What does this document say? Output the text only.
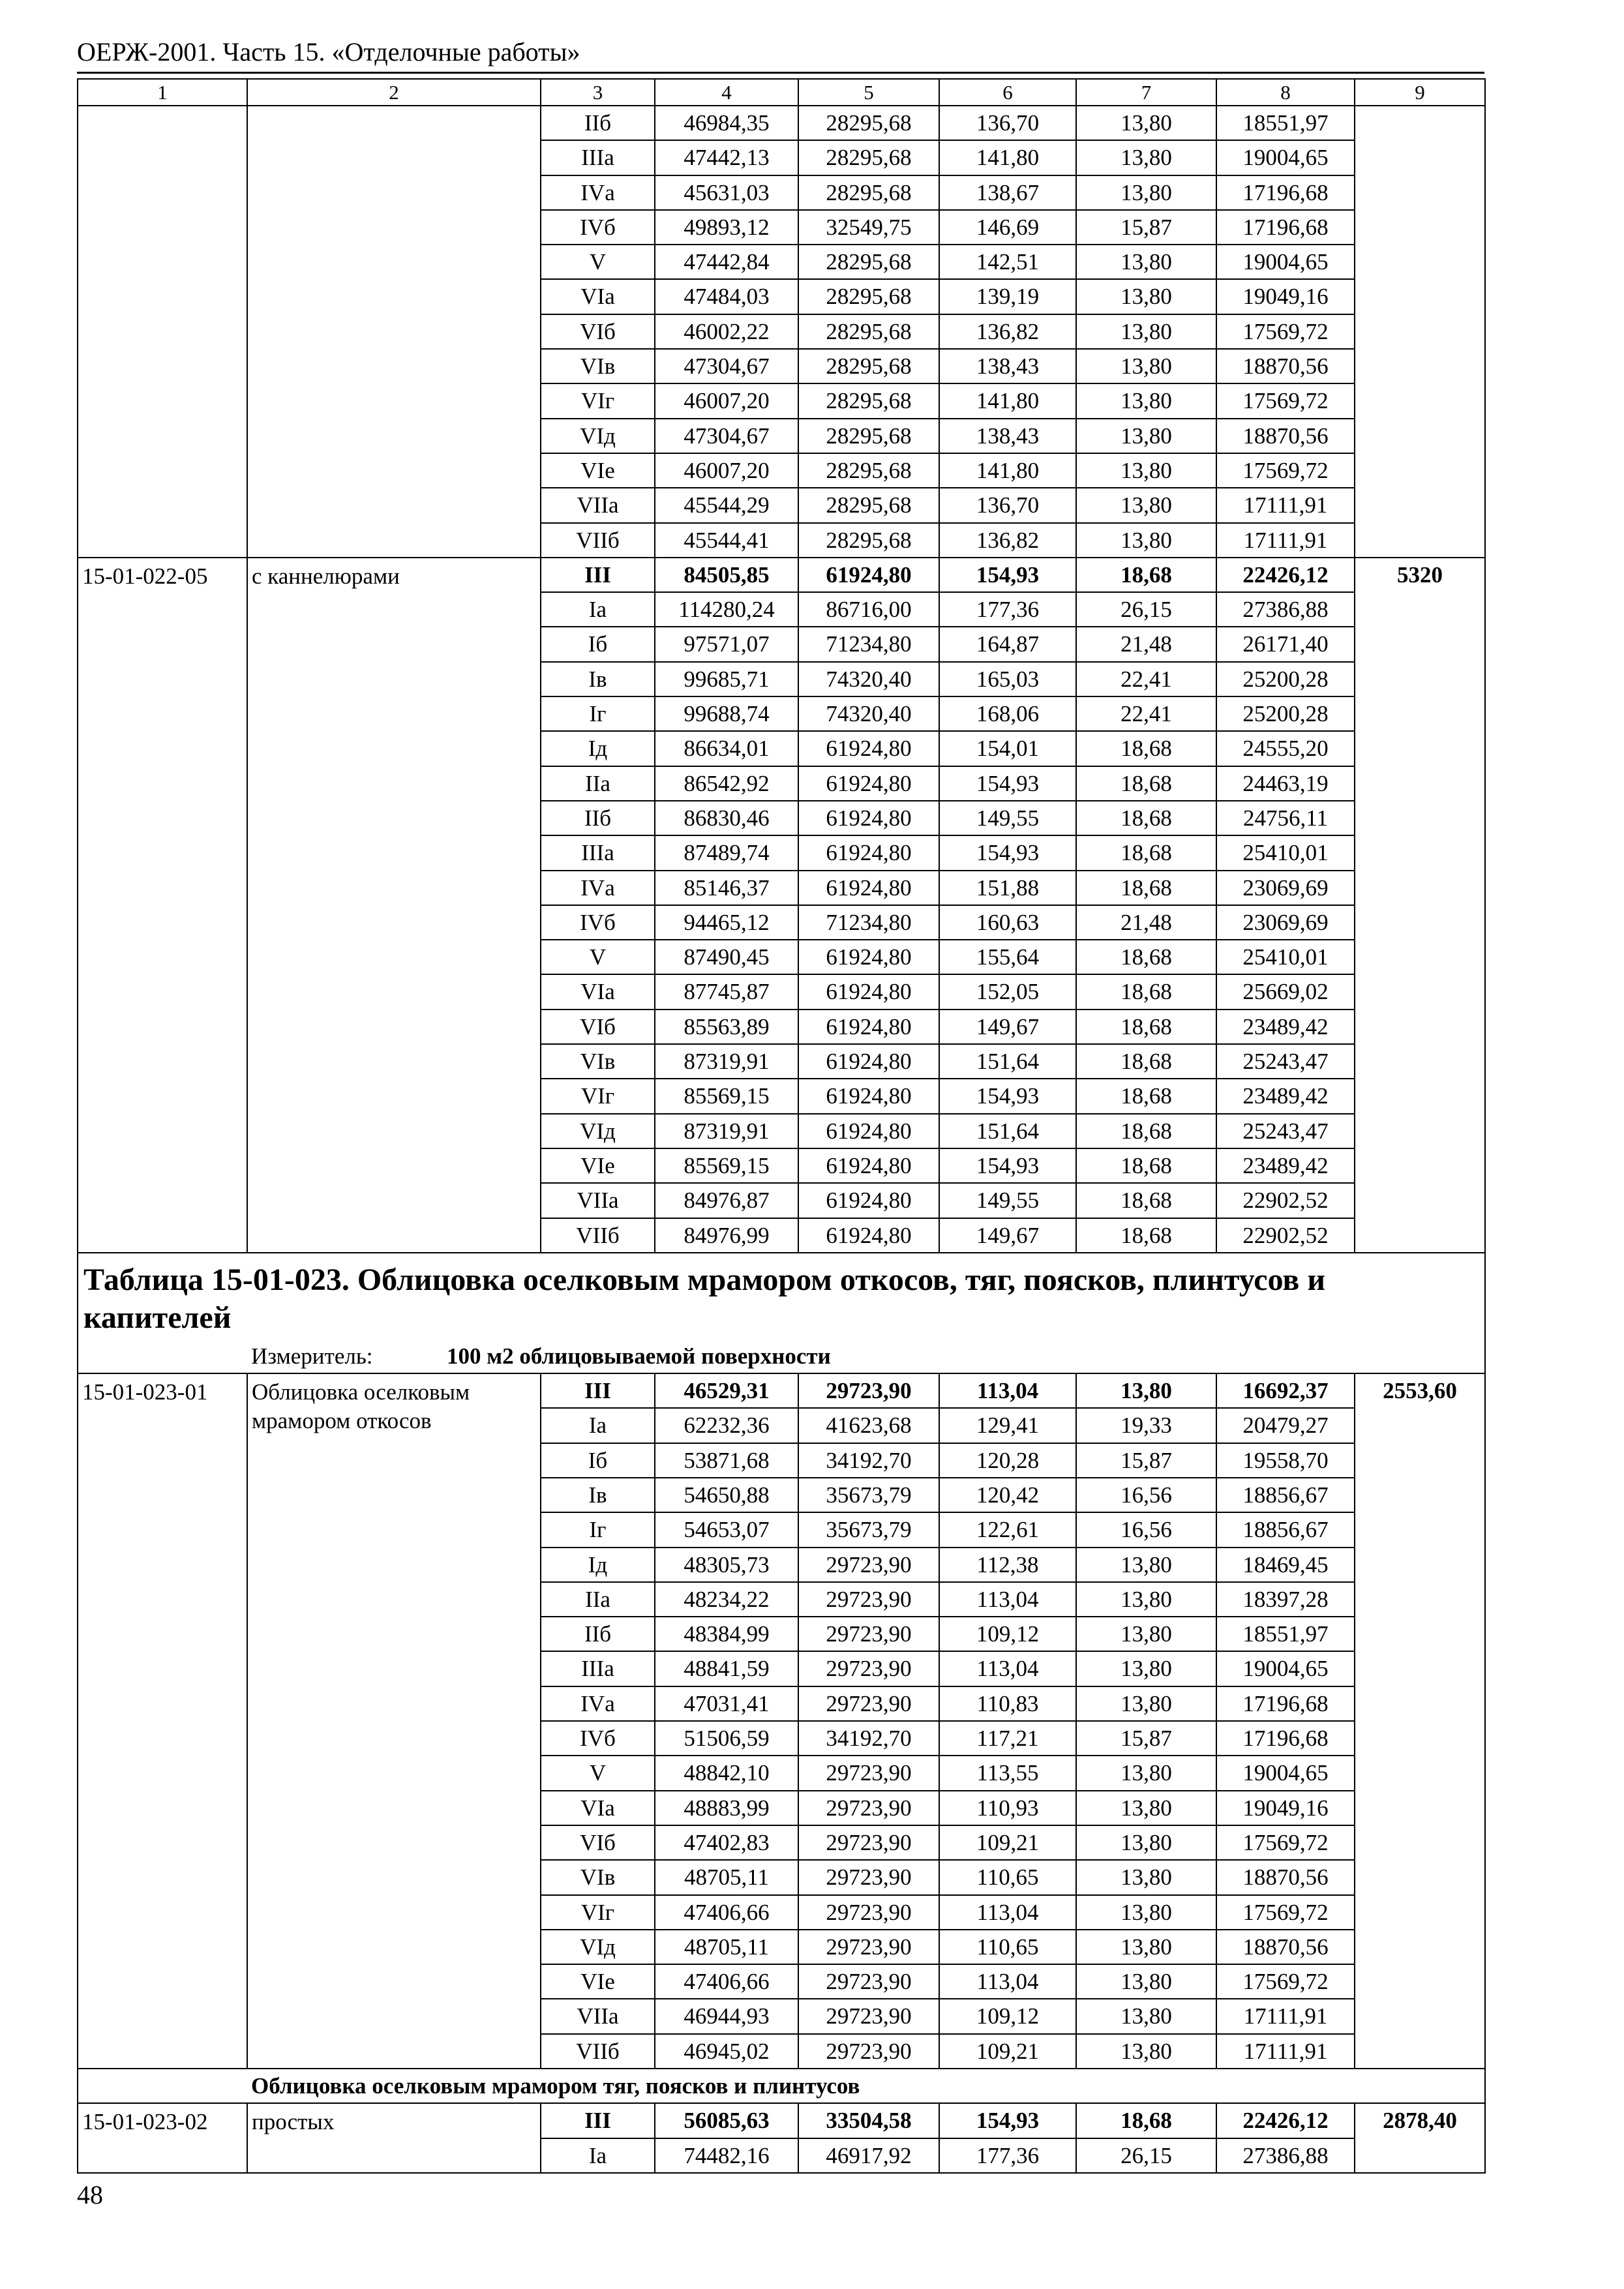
ОЕРЖ-2001. Часть 15. «Отделочные работы»
1	2	3	4	5	6	7	8	9
		IIб	46984,35	28295,68	136,70	13,80	18551,97	
		IIIа	47442,13	28295,68	141,80	13,80	19004,65	
		IVа	45631,03	28295,68	138,67	13,80	17196,68	
		IVб	49893,12	32549,75	146,69	15,87	17196,68	
		V	47442,84	28295,68	142,51	13,80	19004,65	
		VIа	47484,03	28295,68	139,19	13,80	19049,16	
		VIб	46002,22	28295,68	136,82	13,80	17569,72	
		VIв	47304,67	28295,68	138,43	13,80	18870,56	
		VIг	46007,20	28295,68	141,80	13,80	17569,72	
		VIд	47304,67	28295,68	138,43	13,80	18870,56	
		VIе	46007,20	28295,68	141,80	13,80	17569,72	
		VIIа	45544,29	28295,68	136,70	13,80	17111,91	
		VIIб	45544,41	28295,68	136,82	13,80	17111,91	
15-01-022-05	с каннелюрами	III	84505,85	61924,80	154,93	18,68	22426,12	5320
		Iа	114280,24	86716,00	177,36	26,15	27386,88	
		Iб	97571,07	71234,80	164,87	21,48	26171,40	
		Iв	99685,71	74320,40	165,03	22,41	25200,28	
		Iг	99688,74	74320,40	168,06	22,41	25200,28	
		Iд	86634,01	61924,80	154,01	18,68	24555,20	
		IIа	86542,92	61924,80	154,93	18,68	24463,19	
		IIб	86830,46	61924,80	149,55	18,68	24756,11	
		IIIа	87489,74	61924,80	154,93	18,68	25410,01	
		IVа	85146,37	61924,80	151,88	18,68	23069,69	
		IVб	94465,12	71234,80	160,63	21,48	23069,69	
		V	87490,45	61924,80	155,64	18,68	25410,01	
		VIа	87745,87	61924,80	152,05	18,68	25669,02	
		VIб	85563,89	61924,80	149,67	18,68	23489,42	
		VIв	87319,91	61924,80	151,64	18,68	25243,47	
		VIг	85569,15	61924,80	154,93	18,68	23489,42	
		VIд	87319,91	61924,80	151,64	18,68	25243,47	
		VIе	85569,15	61924,80	154,93	18,68	23489,42	
		VIIа	84976,87	61924,80	149,55	18,68	22902,52	
		VIIб	84976,99	61924,80	149,67	18,68	22902,52	
Таблица 15-01-023. Облицовка оселковым мрамором откосов, тяг, поясков, плинтусов и капителей								
	Измеритель: 100 м2 облицовываемой поверхности							
15-01-023-01	Облицовка оселковым мрамором откосов	III	46529,31	29723,90	113,04	13,80	16692,37	2553,60
		Iа	62232,36	41623,68	129,41	19,33	20479,27	
		Iб	53871,68	34192,70	120,28	15,87	19558,70	
		Iв	54650,88	35673,79	120,42	16,56	18856,67	
		Iг	54653,07	35673,79	122,61	16,56	18856,67	
		Iд	48305,73	29723,90	112,38	13,80	18469,45	
		IIа	48234,22	29723,90	113,04	13,80	18397,28	
		IIб	48384,99	29723,90	109,12	13,80	18551,97	
		IIIа	48841,59	29723,90	113,04	13,80	19004,65	
		IVа	47031,41	29723,90	110,83	13,80	17196,68	
		IVб	51506,59	34192,70	117,21	15,87	17196,68	
		V	48842,10	29723,90	113,55	13,80	19004,65	
		VIа	48883,99	29723,90	110,93	13,80	19049,16	
		VIб	47402,83	29723,90	109,21	13,80	17569,72	
		VIв	48705,11	29723,90	110,65	13,80	18870,56	
		VIг	47406,66	29723,90	113,04	13,80	17569,72	
		VIд	48705,11	29723,90	110,65	13,80	18870,56	
		VIе	47406,66	29723,90	113,04	13,80	17569,72	
		VIIа	46944,93	29723,90	109,12	13,80	17111,91	
		VIIб	46945,02	29723,90	109,21	13,80	17111,91	
	Облицовка оселковым мрамором тяг, поясков и плинтусов							
15-01-023-02	простых	III	56085,63	33504,58	154,93	18,68	22426,12	2878,40
		Iа	74482,16	46917,92	177,36	26,15	27386,88	
48
